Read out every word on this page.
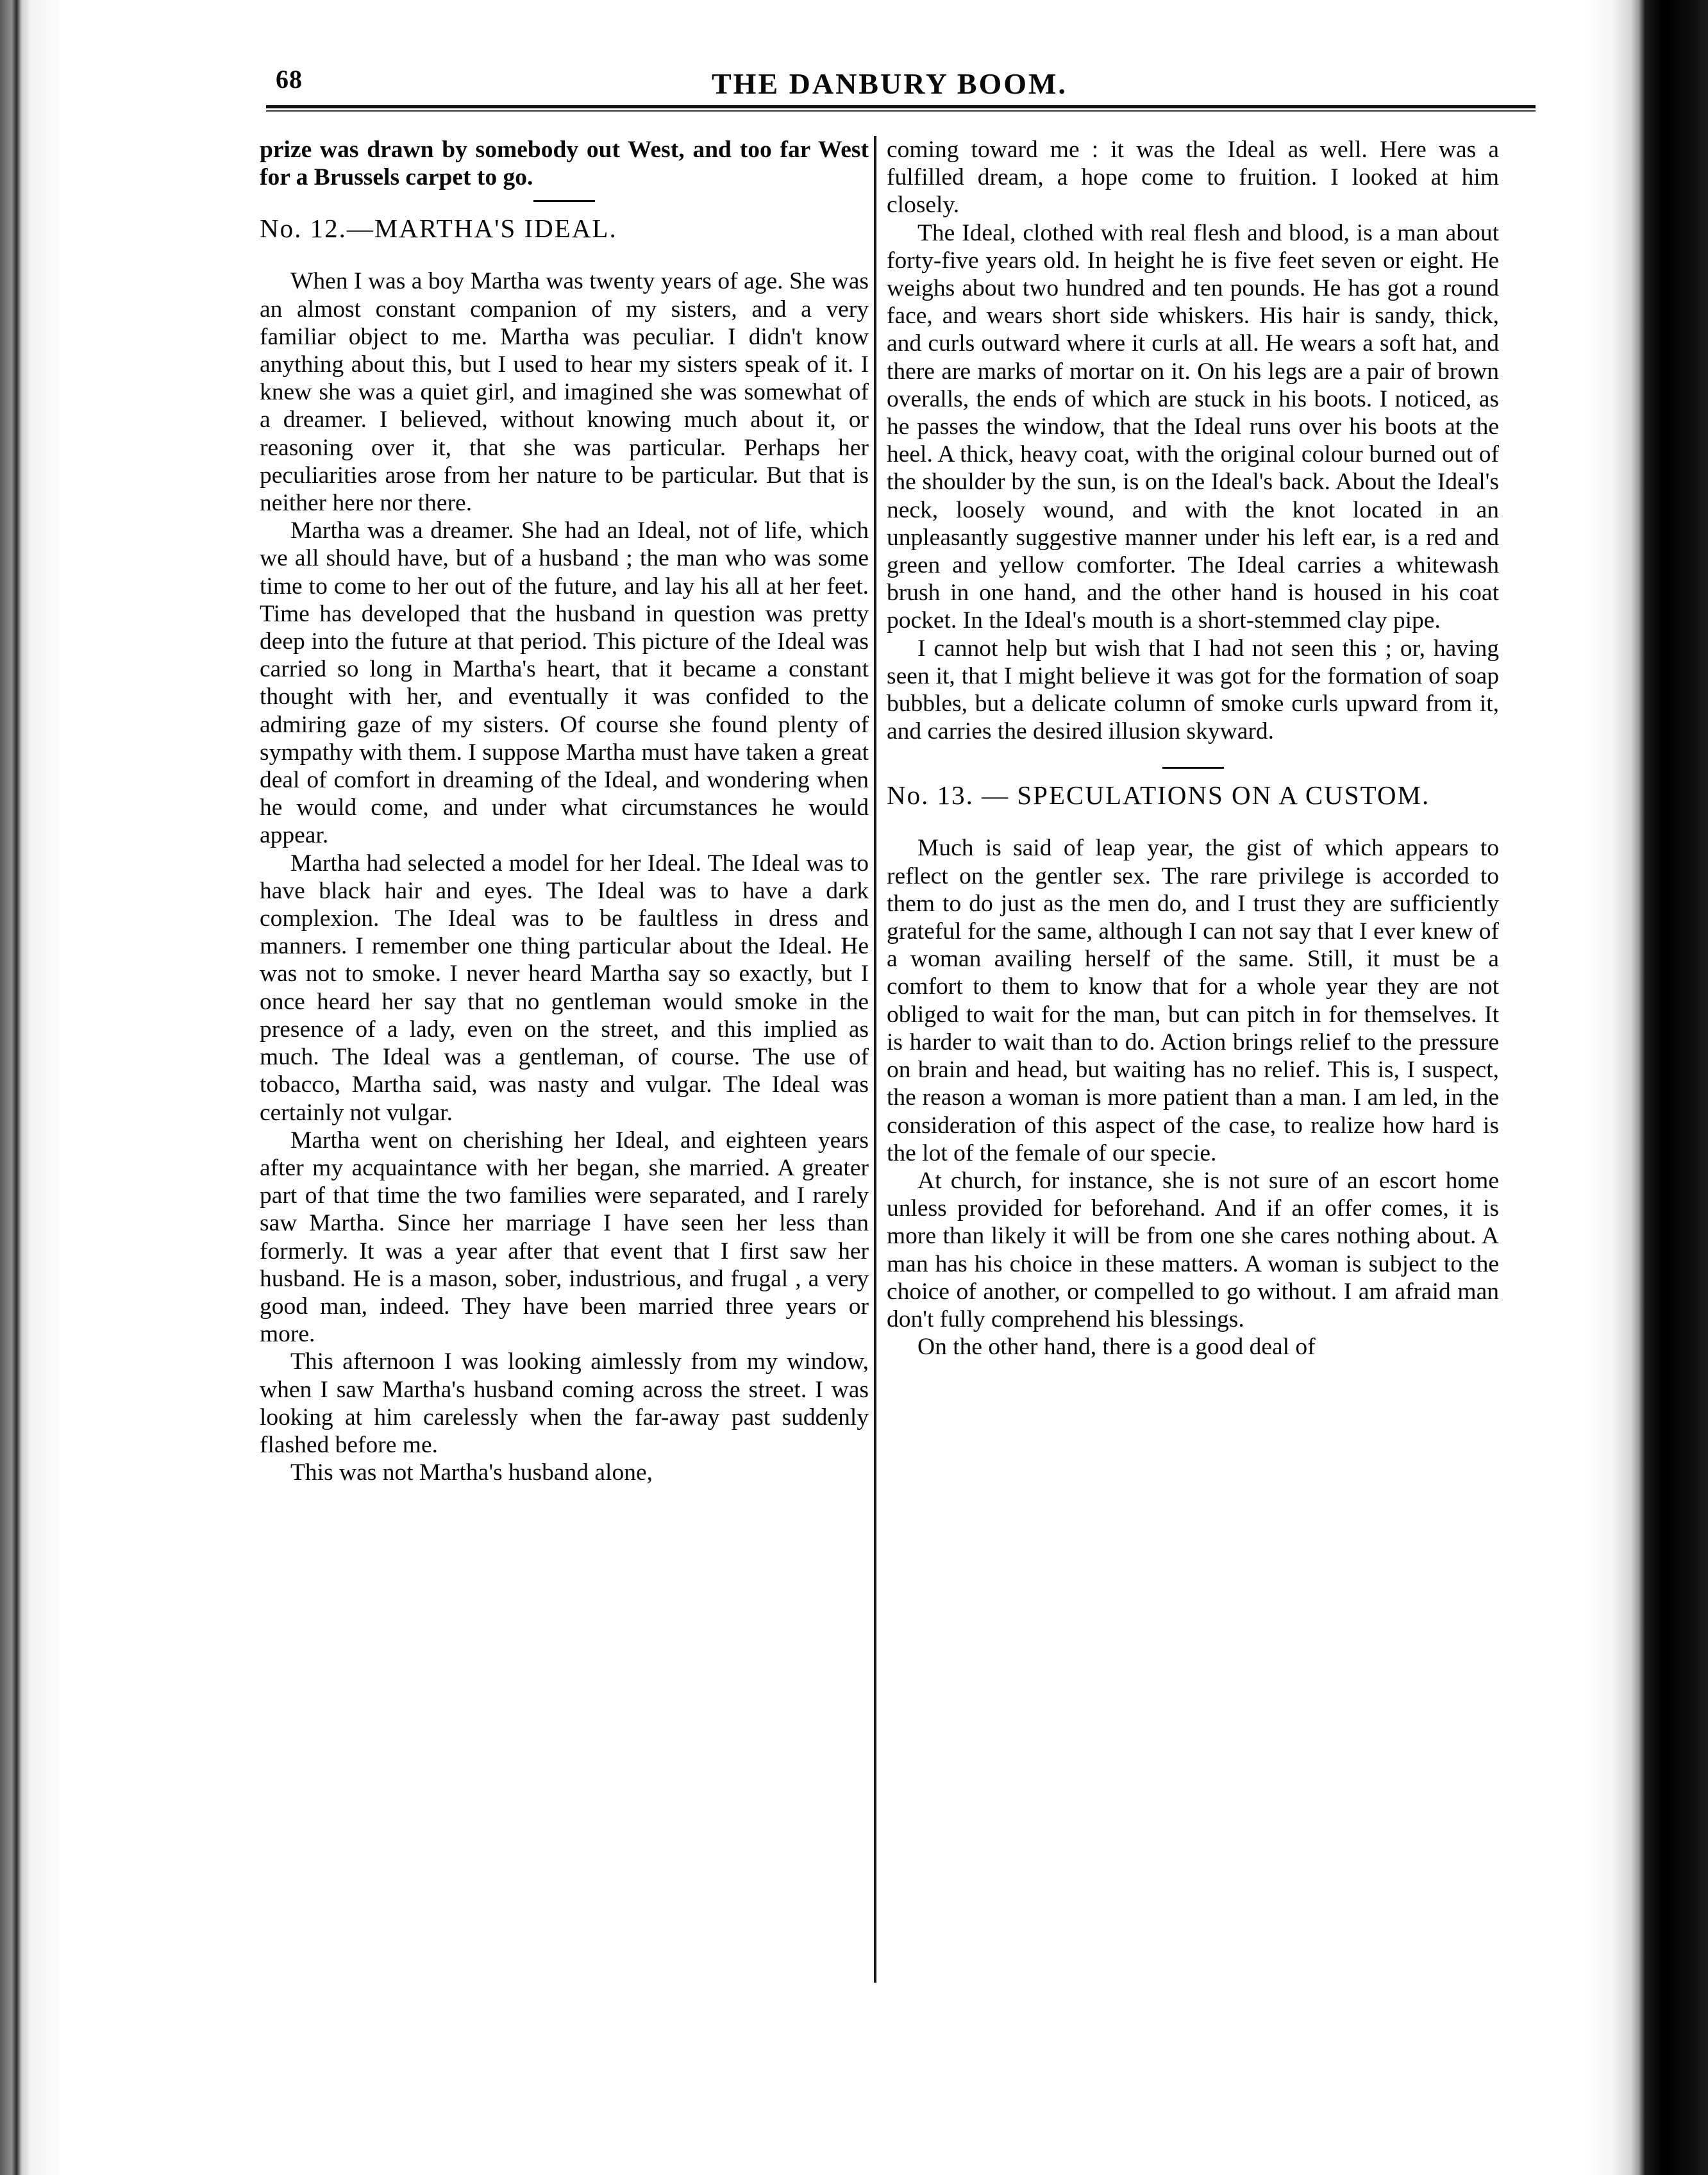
68	THE DANBURY BOOM.

prize was drawn by somebody out West, and too far West for a Brussels carpet to go.

No. 12.—MARTHA'S IDEAL.

When I was a boy Martha was twenty years of age. She was an almost constant companion of my sisters, and a very familiar object to me. Martha was peculiar. I didn't know anything about this, but I used to hear my sisters speak of it. I knew she was a quiet girl, and imagined she was somewhat of a dreamer. I believed, without knowing much about it, or reasoning over it, that she was particular. Perhaps her peculiarities arose from her nature to be particular. But that is neither here nor there.

Martha was a dreamer. She had an Ideal, not of life, which we all should have, but of a husband ; the man who was some time to come to her out of the future, and lay his all at her feet. Time has developed that the husband in question was pretty deep into the future at that period. This picture of the Ideal was carried so long in Martha's heart, that it became a constant thought with her, and eventually it was confided to the admiring gaze of my sisters. Of course she found plenty of sympathy with them. I suppose Martha must have taken a great deal of comfort in dreaming of the Ideal, and wondering when he would come, and under what circumstances he would appear.

Martha had selected a model for her Ideal. The Ideal was to have black hair and eyes. The Ideal was to have a dark complexion. The Ideal was to be faultless in dress and manners. I remember one thing particular about the Ideal. He was not to smoke. I never heard Martha say so exactly, but I once heard her say that no gentleman would smoke in the presence of a lady, even on the street, and this implied as much. The Ideal was a gentleman, of course. The use of tobacco, Martha said, was nasty and vulgar. The Ideal was certainly not vulgar.

Martha went on cherishing her Ideal, and eighteen years after my acquaintance with her began, she married. A greater part of that time the two families were separated, and I rarely saw Martha. Since her marriage I have seen her less than formerly. It was a year after that event that I first saw her husband. He is a mason, sober, industrious, and frugal , a very good man, indeed. They have been married three years or more.

This afternoon I was looking aimlessly from my window, when I saw Martha's husband coming across the street. I was looking at him carelessly when the far-away past suddenly flashed before me.

This was not Martha's husband alone,

coming toward me : it was the Ideal as well. Here was a fulfilled dream, a hope come to fruition. I looked at him closely.

The Ideal, clothed with real flesh and blood, is a man about forty-five years old. In height he is five feet seven or eight. He weighs about two hundred and ten pounds. He has got a round face, and wears short side whiskers. His hair is sandy, thick, and curls outward where it curls at all. He wears a soft hat, and there are marks of mortar on it. On his legs are a pair of brown overalls, the ends of which are stuck in his boots. I noticed, as he passes the window, that the Ideal runs over his boots at the heel. A thick, heavy coat, with the original colour burned out of the shoulder by the sun, is on the Ideal's back. About the Ideal's neck, loosely wound, and with the knot located in an unpleasantly suggestive manner under his left ear, is a red and green and yellow comforter. The Ideal carries a whitewash brush in one hand, and the other hand is housed in his coat pocket. In the Ideal's mouth is a short-stemmed clay pipe.

I cannot help but wish that I had not seen this ; or, having seen it, that I might believe it was got for the formation of soap bubbles, but a delicate column of smoke curls upward from it, and carries the desired illusion skyward.

No. 13. — SPECULATIONS ON A CUSTOM.

Much is said of leap year, the gist of which appears to reflect on the gentler sex. The rare privilege is accorded to them to do just as the men do, and I trust they are sufficiently grateful for the same, although I can not say that I ever knew of a woman availing herself of the same. Still, it must be a comfort to them to know that for a whole year they are not obliged to wait for the man, but can pitch in for themselves. It is harder to wait than to do. Action brings relief to the pressure on brain and head, but waiting has no relief. This is, I suspect, the reason a woman is more patient than a man. I am led, in the consideration of this aspect of the case, to realize how hard is the lot of the female of our specie.

At church, for instance, she is not sure of an escort home unless provided for beforehand. And if an offer comes, it is more than likely it will be from one she cares nothing about. A man has his choice in these matters. A woman is subject to the choice of another, or compelled to go without. I am afraid man don't fully comprehend his blessings.

On the other hand, there is a good deal of
